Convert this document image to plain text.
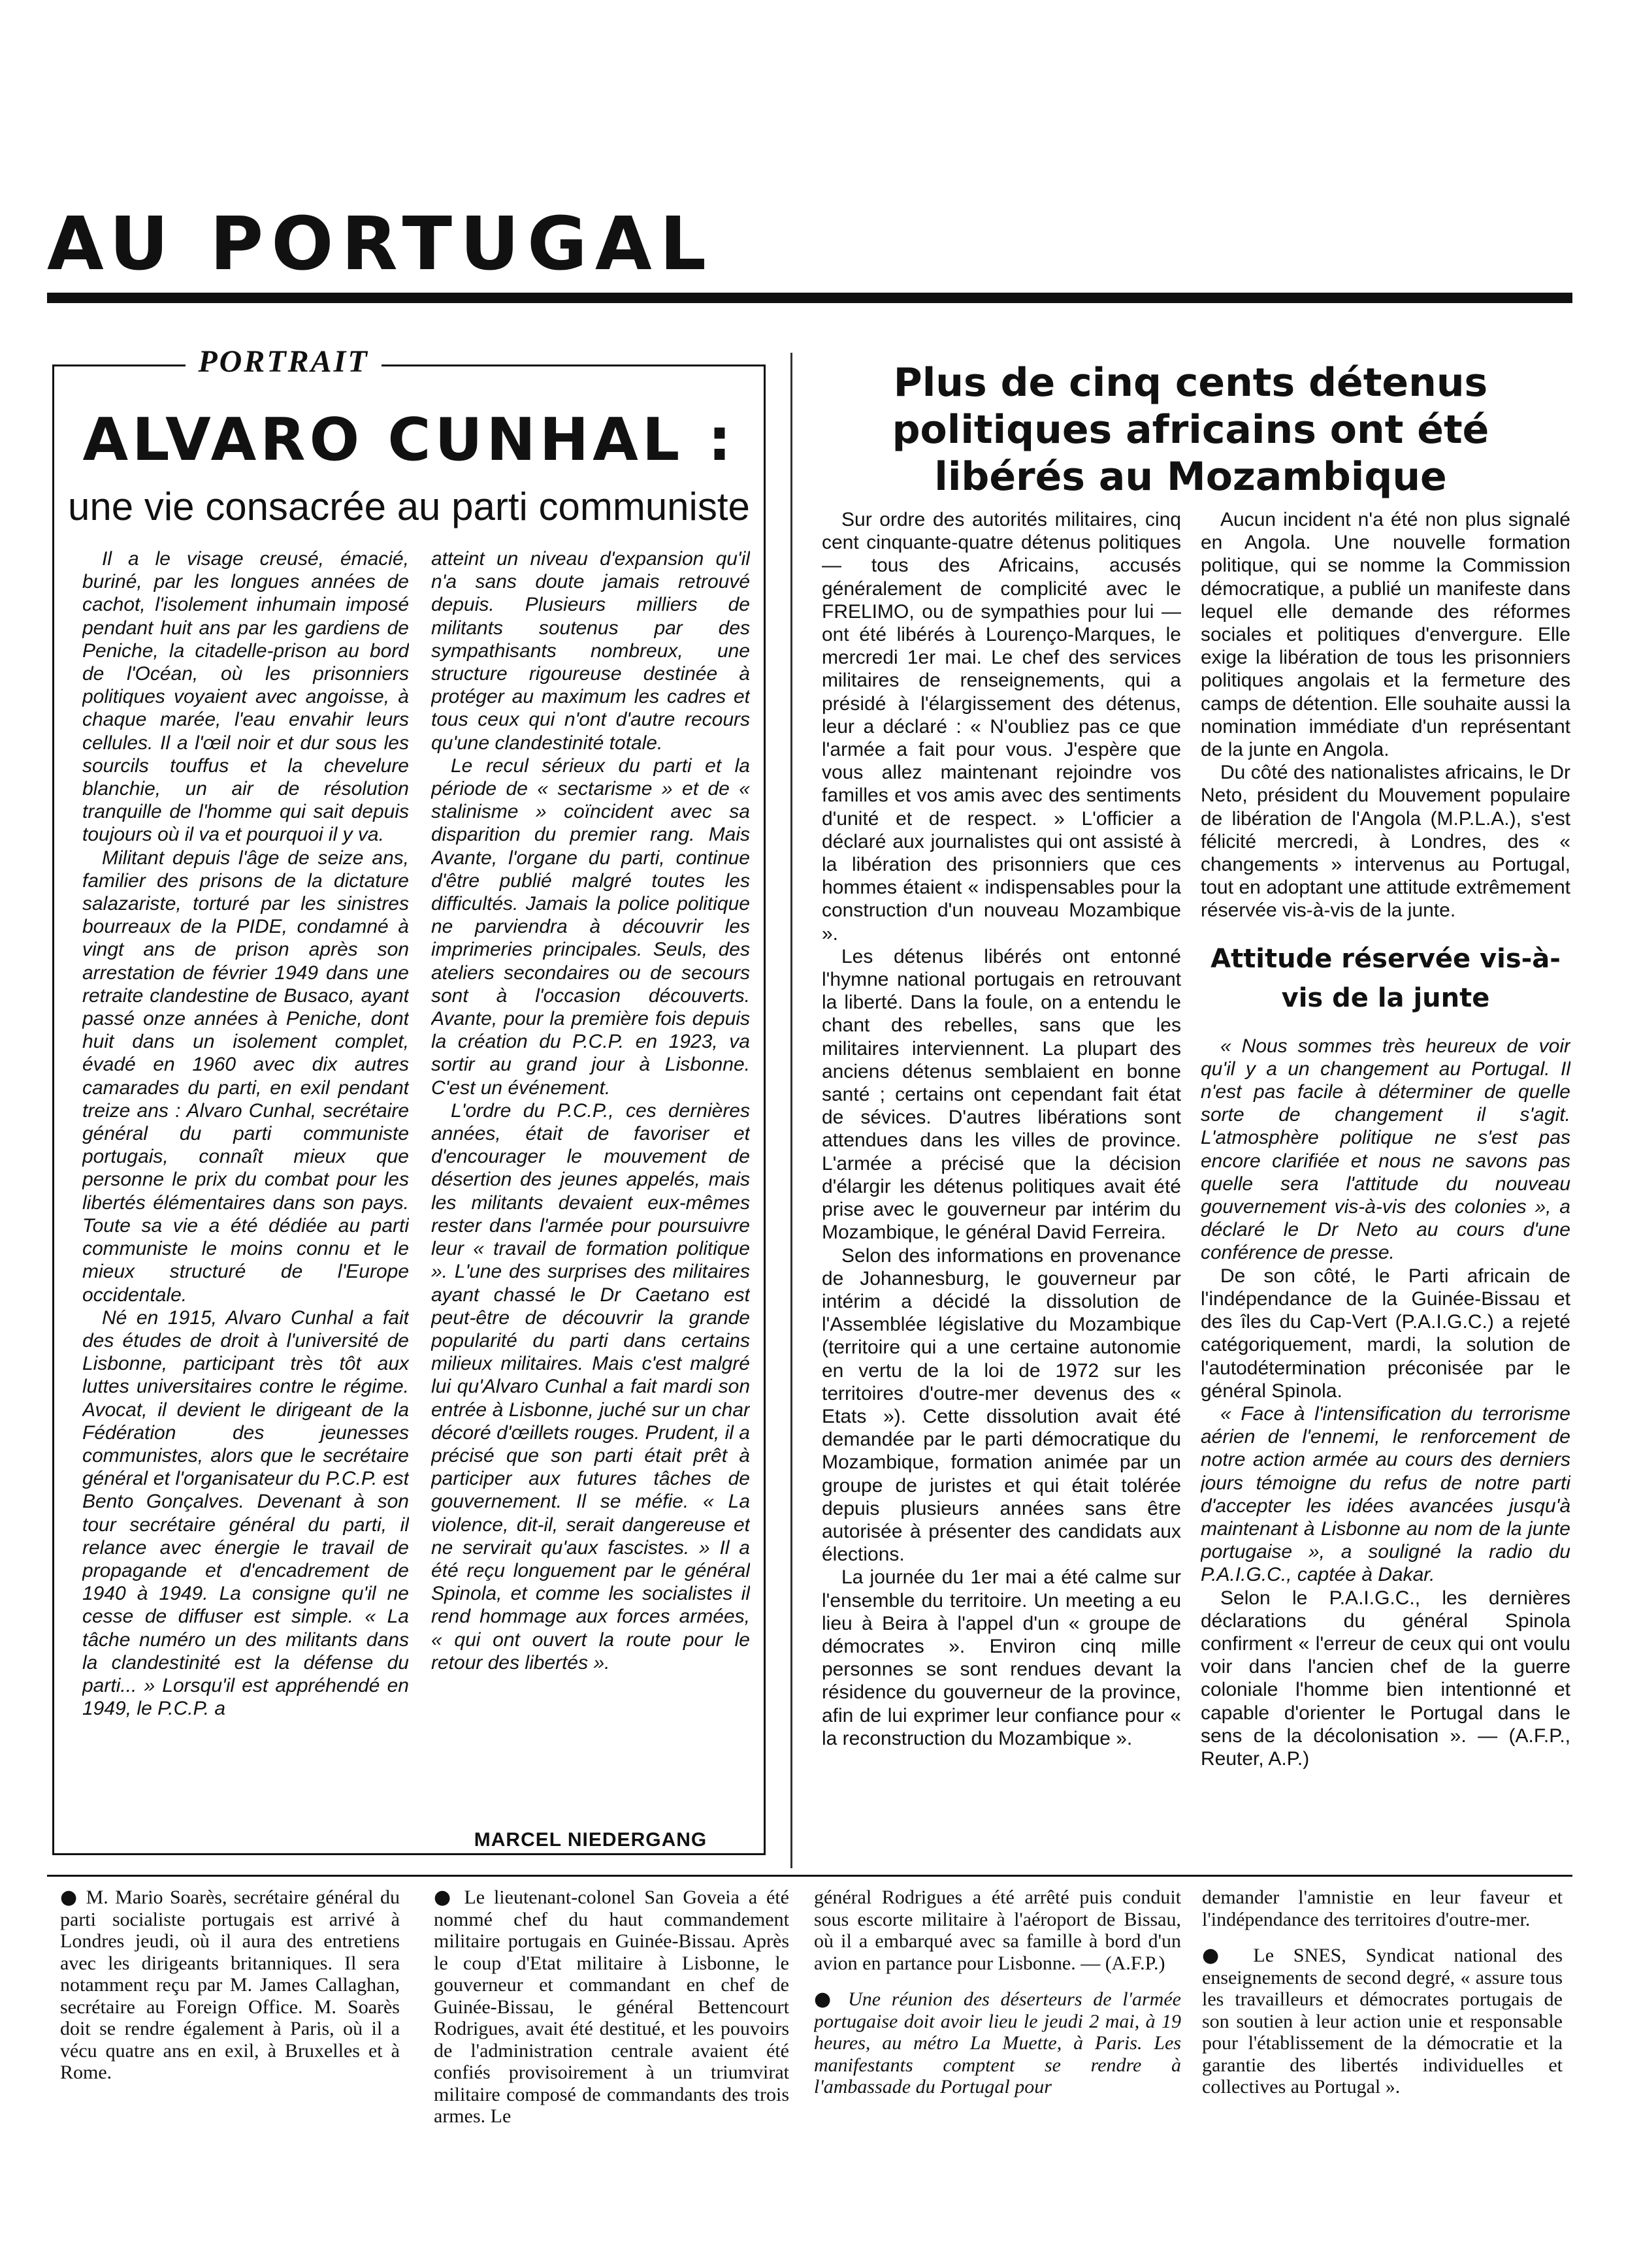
AU PORTUGAL
PORTRAIT
ALVARO CUNHAL :
une vie consacrée au parti communiste

Il a le visage creusé, émacié, buriné, par les longues années de cachot, l'isolement inhumain imposé pendant huit ans par les gardiens de Peniche, la citadelle-prison au bord de l'Océan, où les prisonniers politiques voyaient avec angoisse, à chaque marée, l'eau envahir leurs cellules. Il a l'œil noir et dur sous les sourcils touffus et la chevelure blanchie, un air de résolution tranquille de l'homme qui sait depuis toujours où il va et pourquoi il y va.

Militant depuis l'âge de seize ans, familier des prisons de la dictature salazariste, torturé par les sinistres bourreaux de la PIDE, condamné à vingt ans de prison après son arrestation de février 1949 dans une retraite clandestine de Busaco, ayant passé onze années à Peniche, dont huit dans un isolement complet, évadé en 1960 avec dix autres camarades du parti, en exil pendant treize ans : Alvaro Cunhal, secrétaire général du parti communiste portugais, connaît mieux que personne le prix du combat pour les libertés élémentaires dans son pays. Toute sa vie a été dédiée au parti communiste le moins connu et le mieux structuré de l'Europe occidentale.

Né en 1915, Alvaro Cunhal a fait des études de droit à l'université de Lisbonne, participant très tôt aux luttes universitaires contre le régime. Avocat, il devient le dirigeant de la Fédération des jeunesses communistes, alors que le secrétaire général et l'organisateur du P.C.P. est Bento Gonçalves. Devenant à son tour secrétaire général du parti, il relance avec énergie le travail de propagande et d'encadrement de 1940 à 1949. La consigne qu'il ne cesse de diffuser est simple. « La tâche numéro un des militants dans la clandestinité est la défense du parti... » Lorsqu'il est appréhendé en 1949, le P.C.P. a

atteint un niveau d'expansion qu'il n'a sans doute jamais retrouvé depuis. Plusieurs milliers de militants soutenus par des sympathisants nombreux, une structure rigoureuse destinée à protéger au maximum les cadres et tous ceux qui n'ont d'autre recours qu'une clandestinité totale.

Le recul sérieux du parti et la période de « sectarisme » et de « stalinisme » coïncident avec sa disparition du premier rang. Mais Avante, l'organe du parti, continue d'être publié malgré toutes les difficultés. Jamais la police politique ne parviendra à découvrir les imprimeries principales. Seuls, des ateliers secondaires ou de secours sont à l'occasion découverts. Avante, pour la première fois depuis la création du P.C.P. en 1923, va sortir au grand jour à Lisbonne. C'est un événement.

L'ordre du P.C.P., ces dernières années, était de favoriser et d'encourager le mouvement de désertion des jeunes appelés, mais les militants devaient eux-mêmes rester dans l'armée pour poursuivre leur « travail de formation politique ». L'une des surprises des militaires ayant chassé le Dr Caetano est peut-être de découvrir la grande popularité du parti dans certains milieux militaires. Mais c'est malgré lui qu'Alvaro Cunhal a fait mardi son entrée à Lisbonne, juché sur un char décoré d'œillets rouges. Prudent, il a précisé que son parti était prêt à participer aux futures tâches de gouvernement. Il se méfie. « La violence, dit-il, serait dangereuse et ne servirait qu'aux fascistes. » Il a été reçu longuement par le général Spinola, et comme les socialistes il rend hommage aux forces armées, « qui ont ouvert la route pour le retour des libertés ».

MARCEL NIEDERGANG
Plus de cinq cents détenus politiques africains ont été libérés au Mozambique

Sur ordre des autorités militaires, cinq cent cinquante-quatre détenus politiques — tous des Africains, accusés généralement de complicité avec le FRELIMO, ou de sympathies pour lui — ont été libérés à Lourenço-Marques, le mercredi 1er mai. Le chef des services militaires de renseignements, qui a présidé à l'élargissement des détenus, leur a déclaré : « N'oubliez pas ce que l'armée a fait pour vous. J'espère que vous allez maintenant rejoindre vos familles et vos amis avec des sentiments d'unité et de respect. » L'officier a déclaré aux journalistes qui ont assisté à la libération des prisonniers que ces hommes étaient « indispensables pour la construction d'un nouveau Mozambique ».

Les détenus libérés ont entonné l'hymne national portugais en retrouvant la liberté. Dans la foule, on a entendu le chant des rebelles, sans que les militaires interviennent. La plupart des anciens détenus semblaient en bonne santé ; certains ont cependant fait état de sévices. D'autres libérations sont attendues dans les villes de province. L'armée a précisé que la décision d'élargir les détenus politiques avait été prise avec le gouverneur par intérim du Mozambique, le général David Ferreira.

Selon des informations en provenance de Johannesburg, le gouverneur par intérim a décidé la dissolution de l'Assemblée législative du Mozambique (territoire qui a une certaine autonomie en vertu de la loi de 1972 sur les territoires d'outre-mer devenus des « Etats »). Cette dissolution avait été demandée par le parti démocratique du Mozambique, formation animée par un groupe de juristes et qui était tolérée depuis plusieurs années sans être autorisée à présenter des candidats aux élections.

La journée du 1er mai a été calme sur l'ensemble du territoire. Un meeting a eu lieu à Beira à l'appel d'un « groupe de démocrates ». Environ cinq mille personnes se sont rendues devant la résidence du gouverneur de la province, afin de lui exprimer leur confiance pour « la reconstruction du Mozambique ».

Aucun incident n'a été non plus signalé en Angola. Une nouvelle formation politique, qui se nomme la Commission démocratique, a publié un manifeste dans lequel elle demande des réformes sociales et politiques d'envergure. Elle exige la libération de tous les prisonniers politiques angolais et la fermeture des camps de détention. Elle souhaite aussi la nomination immédiate d'un représentant de la junte en Angola.

Du côté des nationalistes africains, le Dr Neto, président du Mouvement populaire de libération de l'Angola (M.P.L.A.), s'est félicité mercredi, à Londres, des « changements » intervenus au Portugal, tout en adoptant une attitude extrêmement réservée vis-à-vis de la junte.

Attitude réservée vis-à-vis de la junte

« Nous sommes très heureux de voir qu'il y a un changement au Portugal. Il n'est pas facile à déterminer de quelle sorte de changement il s'agit. L'atmosphère politique ne s'est pas encore clarifiée et nous ne savons pas quelle sera l'attitude du nouveau gouvernement vis-à-vis des colonies », a déclaré le Dr Neto au cours d'une conférence de presse.

De son côté, le Parti africain de l'indépendance de la Guinée-Bissau et des îles du Cap-Vert (P.A.I.G.C.) a rejeté catégoriquement, mardi, la solution de l'autodétermination préconisée par le général Spinola.

« Face à l'intensification du terrorisme aérien de l'ennemi, le renforcement de notre action armée au cours des derniers jours témoigne du refus de notre parti d'accepter les idées avancées jusqu'à maintenant à Lisbonne au nom de la junte portugaise », a souligné la radio du P.A.I.G.C., captée à Dakar.

Selon le P.A.I.G.C., les dernières déclarations du général Spinola confirment « l'erreur de ceux qui ont voulu voir dans l'ancien chef de la guerre coloniale l'homme bien intentionné et capable d'orienter le Portugal dans le sens de la décolonisation ». — (A.F.P., Reuter, A.P.)

● M. Mario Soarès, secrétaire général du parti socialiste portugais est arrivé à Londres jeudi, où il aura des entretiens avec les dirigeants britanniques. Il sera notamment reçu par M. James Callaghan, secrétaire au Foreign Office. M. Soarès doit se rendre également à Paris, où il a vécu quatre ans en exil, à Bruxelles et à Rome.

● Le lieutenant-colonel San Goveia a été nommé chef du haut commandement militaire portugais en Guinée-Bissau. Après le coup d'Etat militaire à Lisbonne, le gouverneur et commandant en chef de Guinée-Bissau, le général Bettencourt Rodrigues, avait été destitué, et les pouvoirs de l'administration centrale avaient été confiés provisoirement à un triumvirat militaire composé de commandants des trois armes. Le

général Rodrigues a été arrêté puis conduit sous escorte militaire à l'aéroport de Bissau, où il a embarqué avec sa famille à bord d'un avion en partance pour Lisbonne. — (A.F.P.)

● Une réunion des déserteurs de l'armée portugaise doit avoir lieu le jeudi 2 mai, à 19 heures, au métro La Muette, à Paris. Les manifestants comptent se rendre à l'ambassade du Portugal pour

demander l'amnistie en leur faveur et l'indépendance des territoires d'outre-mer.

● Le SNES, Syndicat national des enseignements de second degré, « assure tous les travailleurs et démocrates portugais de son soutien à leur action unie et responsable pour l'établissement de la démocratie et la garantie des libertés individuelles et collectives au Portugal ».
